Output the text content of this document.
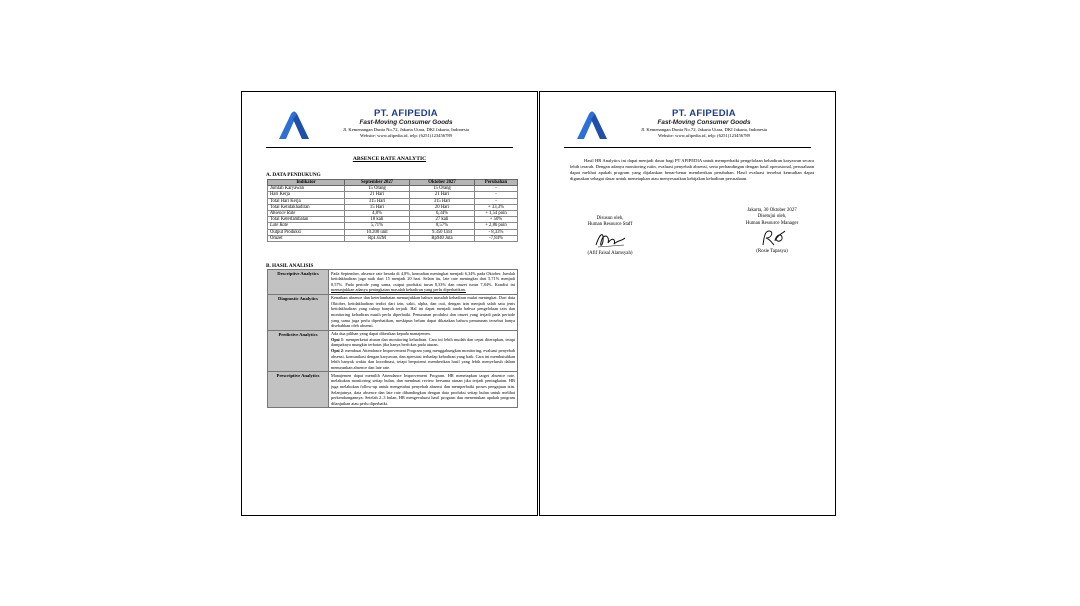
PT. AFIPEDIA
Fast-Moving Consumer Goods
Jl. Kemenangan Dunia No.72, Jakarta Utara, DKI Jakarta, Indonesia
Website: www.afipedia.id, telp: (6251)123456789
ABSENCE RATE ANALYTIC
A. DATA PENDUKUNG
Indikator	September 2027	Oktober 2027	Perubahan
Jumlah Karyawan	15 Orang	15 Orang	-
Hari Kerja	21 Hari	21 Hari	-
Total Hari Kerja	315 Hari	315 Hari	-
Total Ketidakhadiran	15 Hari	20 Hari	+ 33,3%
Absence Rate	4,8%	6,34%	+ 1,54 poin
Total Keterlambatan	18 kali	27 kali	+ 50%
Late Rate	5,71%	8,57%	+ 2,86 poin
Output Produksi	10.200 unit	9.350 Unit	- 8,33%
Omzet	Rp1.02M	Rp940 Juta	-7,84%
B. HASIL ANALISIS
Descriptive Analytics	Pada September, absence rate berada di 4,8%, kemudian meningkat menjadi 6,34% pada Oktober. Jumlah ketidakhadiran juga naik dari 15 menjadi 20 hari. Selain itu, late rate meningkat dari 5,71% menjadi 8,57%. Pada periode yang sama, output produksi turun 8,33% dan omzet turun 7,84%. Kondisi ini menunjukkan adanya peningkatan masalah kehadiran yang perlu diperhatikan.
Diagnostic Analytics	Kenaikan absence dan keterlambatan menunjukkan bahwa masalah kehadiran mulai meningkat. Dari data Oktober, ketidakhadiran terdiri dari izin, sakit, alpha, dan cuti, dengan izin menjadi salah satu jenis ketidakhadiran yang cukup banyak terjadi. Hal ini dapat menjadi tanda bahwa pengelolaan izin dan monitoring kehadiran masih perlu diperbaiki. Penurunan produksi dan omzet yang terjadi pada periode yang sama juga perlu diperhatikan, meskipun belum dapat dikatakan bahwa penurunan tersebut hanya disebabkan oleh absensi.
Predictive Analytics	Ada dua pilihan yang dapat diberikan kepada manajemen.
Opsi 1: memperketat aturan dan monitoring kehadiran. Cara ini lebih mudah dan cepat diterapkan, tetapi dampaknya mungkin terbatas jika hanya berfokus pada aturan.
Opsi 2: membuat Attendance Improvement Program yang menggabungkan monitoring, evaluasi penyebab absensi, komunikasi dengan karyawan, dan apresiasi terhadap kehadiran yang baik. Cara ini membutuhkan lebih banyak waktu dan koordinasi, tetapi berpotensi memberikan hasil yang lebih menyeluruh dalam menurunkan absence dan late rate.
Prescriptive Analytics	Manajemen dapat memilih Attendance Improvement Program. HR menetapkan target absence rate, melakukan monitoring setiap bulan, dan membuat review bersama atasan jika terjadi peningkatan. HR juga melakukan follow-up untuk mengetahui penyebab absensi dan memperbaiki proses pengajuan izin. Selanjutnya, data absence dan late rate dibandingkan dengan data produksi setiap bulan untuk melihat perkembangannya. Setelah 2–3 bulan, HR mengevaluasi hasil program dan menentukan apakah program dilanjutkan atau perlu diperbaiki.
PT. AFIPEDIA
Fast-Moving Consumer Goods
Jl. Kemenangan Dunia No.72, Jakarta Utara, DKI Jakarta, Indonesia
Website: www.afipedia.id, telp: (6251)123456789
Hasil HR Analytics ini dapat menjadi dasar bagi PT AFIPEDIA untuk memperbaiki pengelolaan kehadiran karyawan secara lebih terarah. Dengan adanya monitoring rutin, evaluasi penyebab absensi, serta perbandingan dengan hasil operasional, perusahaan dapat melihat apakah program yang dijalankan benar-benar memberikan perubahan. Hasil evaluasi tersebut kemudian dapat digunakan sebagai dasar untuk menetapkan atau menyesuaikan kebijakan kehadiran perusahaan.
Disusun oleh,
Human Resource Staff
(Afif Faisal Alamsyah)
Jakarta, 30 Oktober 2027
Disetujui oleh,
Human Resource Manager
(Rosie Tapasya)
